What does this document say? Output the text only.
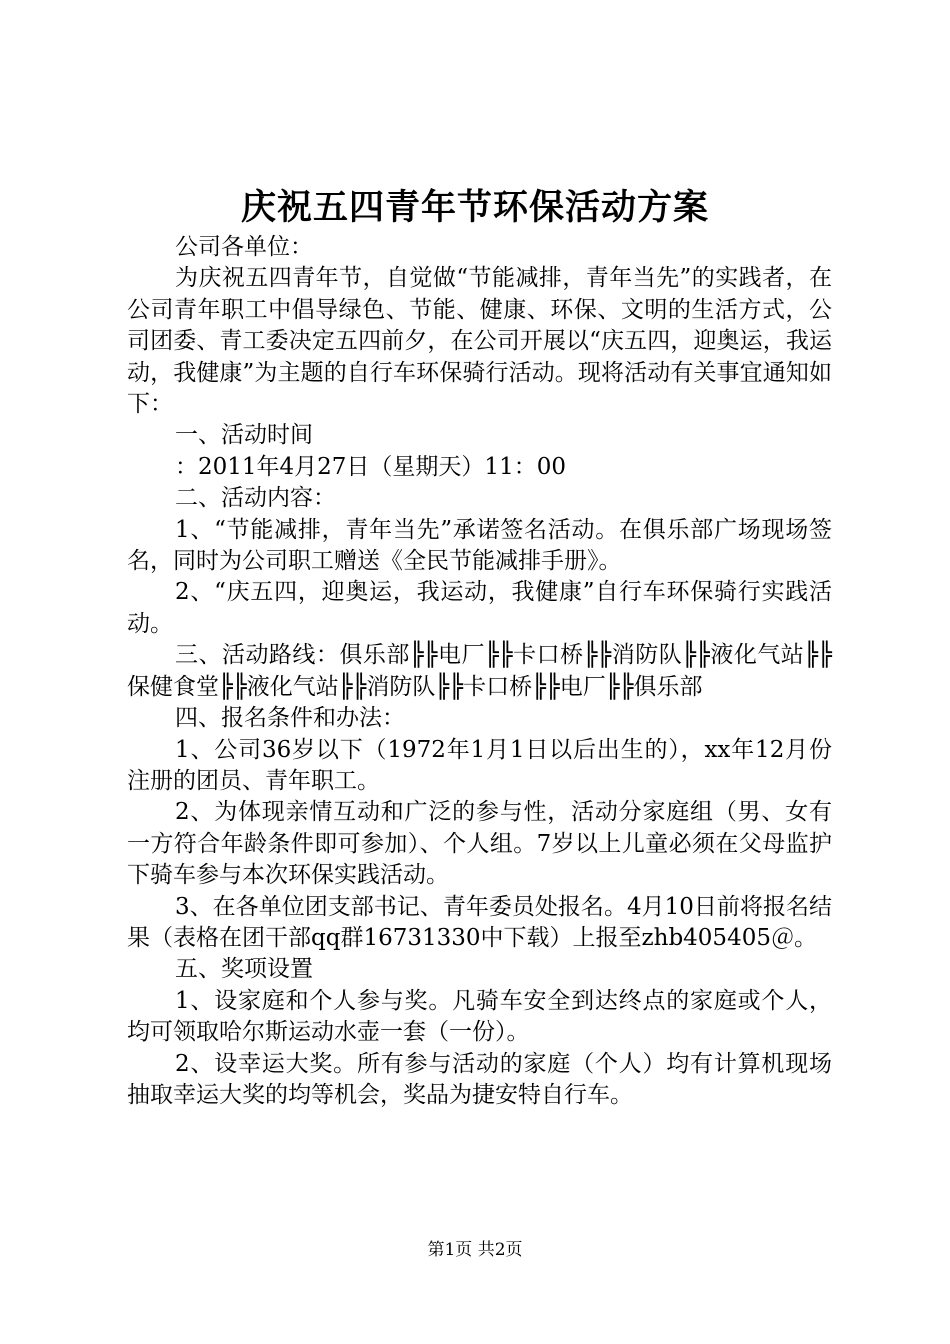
庆祝五四青年节环保活动方案

公司各单位：

为庆祝五四青年节，自觉做“节能减排，青年当先”的实践者，在公司青年职工中倡导绿色、节能、健康、环保、文明的生活方式，公司团委、青工委决定五四前夕，在公司开展以“庆五四，迎奥运，我运动，我健康”为主题的自行车环保骑行活动。现将活动有关事宜通知如下：

一、活动时间

：2011年4月27日（星期天）11：00

二、活动内容：

1、“节能减排，青年当先”承诺签名活动。在俱乐部广场现场签名，同时为公司职工赠送《全民节能减排手册》。

2、“庆五四，迎奥运，我运动，我健康”自行车环保骑行实践活动。

三、活动路线：俱乐部╠╠电厂╠╠卡口桥╠╠消防队╠╠液化气站╠╠保健食堂╠╠液化气站╠╠消防队╠╠卡口桥╠╠电厂╠╠俱乐部

四、报名条件和办法：

1、公司36岁以下（1972年1月1日以后出生的），xx年12月份注册的团员、青年职工。

2、为体现亲情互动和广泛的参与性，活动分家庭组（男、女有一方符合年龄条件即可参加）、个人组。7岁以上儿童必须在父母监护下骑车参与本次环保实践活动。

3、在各单位团支部书记、青年委员处报名。4月10日前将报名结果（表格在团干部qq群16731330中下载）上报至zhb405405＠。

五、奖项设置

1、设家庭和个人参与奖。凡骑车安全到达终点的家庭或个人，均可领取哈尔斯运动水壶一套（一份）。

2、设幸运大奖。所有参与活动的家庭（个人）均有计算机现场抽取幸运大奖的均等机会，奖品为捷安特自行车。

第1页 共2页
